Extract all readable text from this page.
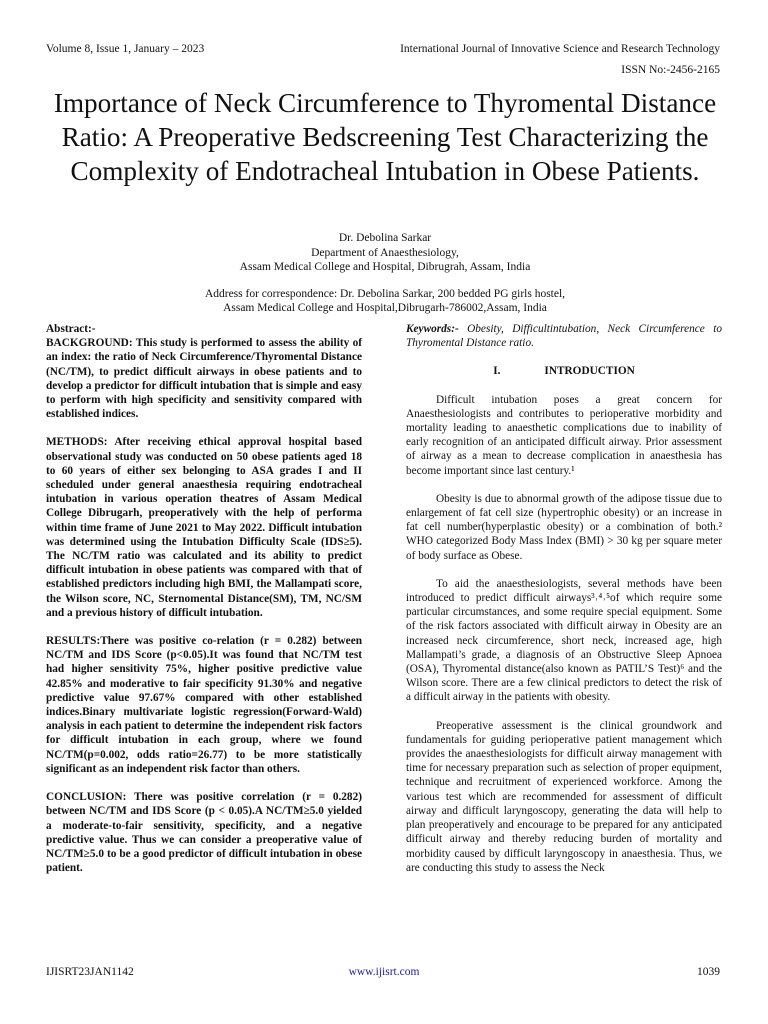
Volume 8, Issue 1, January – 2023	International Journal of Innovative Science and Research Technology
ISSN No:-2456-2165
Importance of Neck Circumference to Thyromental Distance Ratio: A Preoperative Bedscreening Test Characterizing the Complexity of Endotracheal Intubation in Obese Patients.
Dr. Debolina Sarkar
Department of Anaesthesiology,
Assam Medical College and Hospital, Dibrugrah, Assam, India
Address for correspondence: Dr. Debolina Sarkar, 200 bedded PG girls hostel,
Assam Medical College and Hospital,Dibrugarh-786002,Assam, India
Abstract:-

BACKGROUND: This study is performed to assess the ability of an index: the ratio of Neck Circumference/Thyromental Distance (NC/TM), to predict difficult airways in obese patients and to develop a predictor for difficult intubation that is simple and easy to perform with high specificity and sensitivity compared with established indices.

METHODS: After receiving ethical approval hospital based observational study was conducted on 50 obese patients aged 18 to 60 years of either sex belonging to ASA grades I and II scheduled under general anaesthesia requiring endotracheal intubation in various operation theatres of Assam Medical College Dibrugarh, preoperatively with the help of performa within time frame of June 2021 to May 2022. Difficult intubation was determined using the Intubation Difficulty Scale (IDS≥5). The NC/TM ratio was calculated and its ability to predict difficult intubation in obese patients was compared with that of established predictors including high BMI, the Mallampati score, the Wilson score, NC, Sternomental Distance(SM), TM, NC/SM and a previous history of difficult intubation.

RESULTS:There was positive co-relation (r = 0.282) between NC/TM and IDS Score (p<0.05).It was found that NC/TM test had higher sensitivity 75%, higher positive predictive value 42.85% and moderative to fair specificity 91.30% and negative predictive value 97.67% compared with other established indices.Binary multivariate logistic regression(Forward-Wald) analysis in each patient to determine the independent risk factors for difficult intubation in each group, where we found NC/TM(p=0.002, odds ratio=26.77) to be more statistically significant as an independent risk factor than others.

CONCLUSION: There was positive correlation (r = 0.282) between NC/TM and IDS Score (p < 0.05).A NC/TM≥5.0 yielded a moderate-to-fair sensitivity, specificity, and a negative predictive value. Thus we can consider a preoperative value of NC/TM≥5.0 to be a good predictor of difficult intubation in obese patient.

Keywords:- Obesity, Difficultintubation, Neck Circumference to Thyromental Distance ratio.

I.	INTRODUCTION

Difficult intubation poses a great concern for Anaesthesiologists and contributes to perioperative morbidity and mortality leading to anaesthetic complications due to inability of early recognition of an anticipated difficult airway. Prior assessment of airway as a mean to decrease complication in anaesthesia has become important since last century.¹

Obesity is due to abnormal growth of the adipose tissue due to enlargement of fat cell size (hypertrophic obesity) or an increase in fat cell number(hyperplastic obesity) or a combination of both.² WHO categorized Body Mass Index (BMI) > 30 kg per square meter of body surface as Obese.

To aid the anaesthesiologists, several methods have been introduced to predict difficult airways³˒⁴˒⁵of which require some particular circumstances, and some require special equipment. Some of the risk factors associated with difficult airway in Obesity are an increased neck circumference, short neck, increased age, high Mallampati’s grade, a diagnosis of an Obstructive Sleep Apnoea (OSA), Thyromental distance(also known as PATIL’S Test)⁶ and the Wilson score. There are a few clinical predictors to detect the risk of a difficult airway in the patients with obesity.

Preoperative assessment is the clinical groundwork and fundamentals for guiding perioperative patient management which provides the anaesthesiologists for difficult airway management with time for necessary preparation such as selection of proper equipment, technique and recruitment of experienced workforce. Among the various test which are recommended for assessment of difficult airway and difficult laryngoscopy, generating the data will help to plan preoperatively and encourage to be prepared for any anticipated difficult airway and thereby reducing burden of mortality and morbidity caused by difficult laryngoscopy in anaesthesia. Thus, we are conducting this study to assess the Neck

IJISRT23JAN1142	www.ijisrt.com	1039
